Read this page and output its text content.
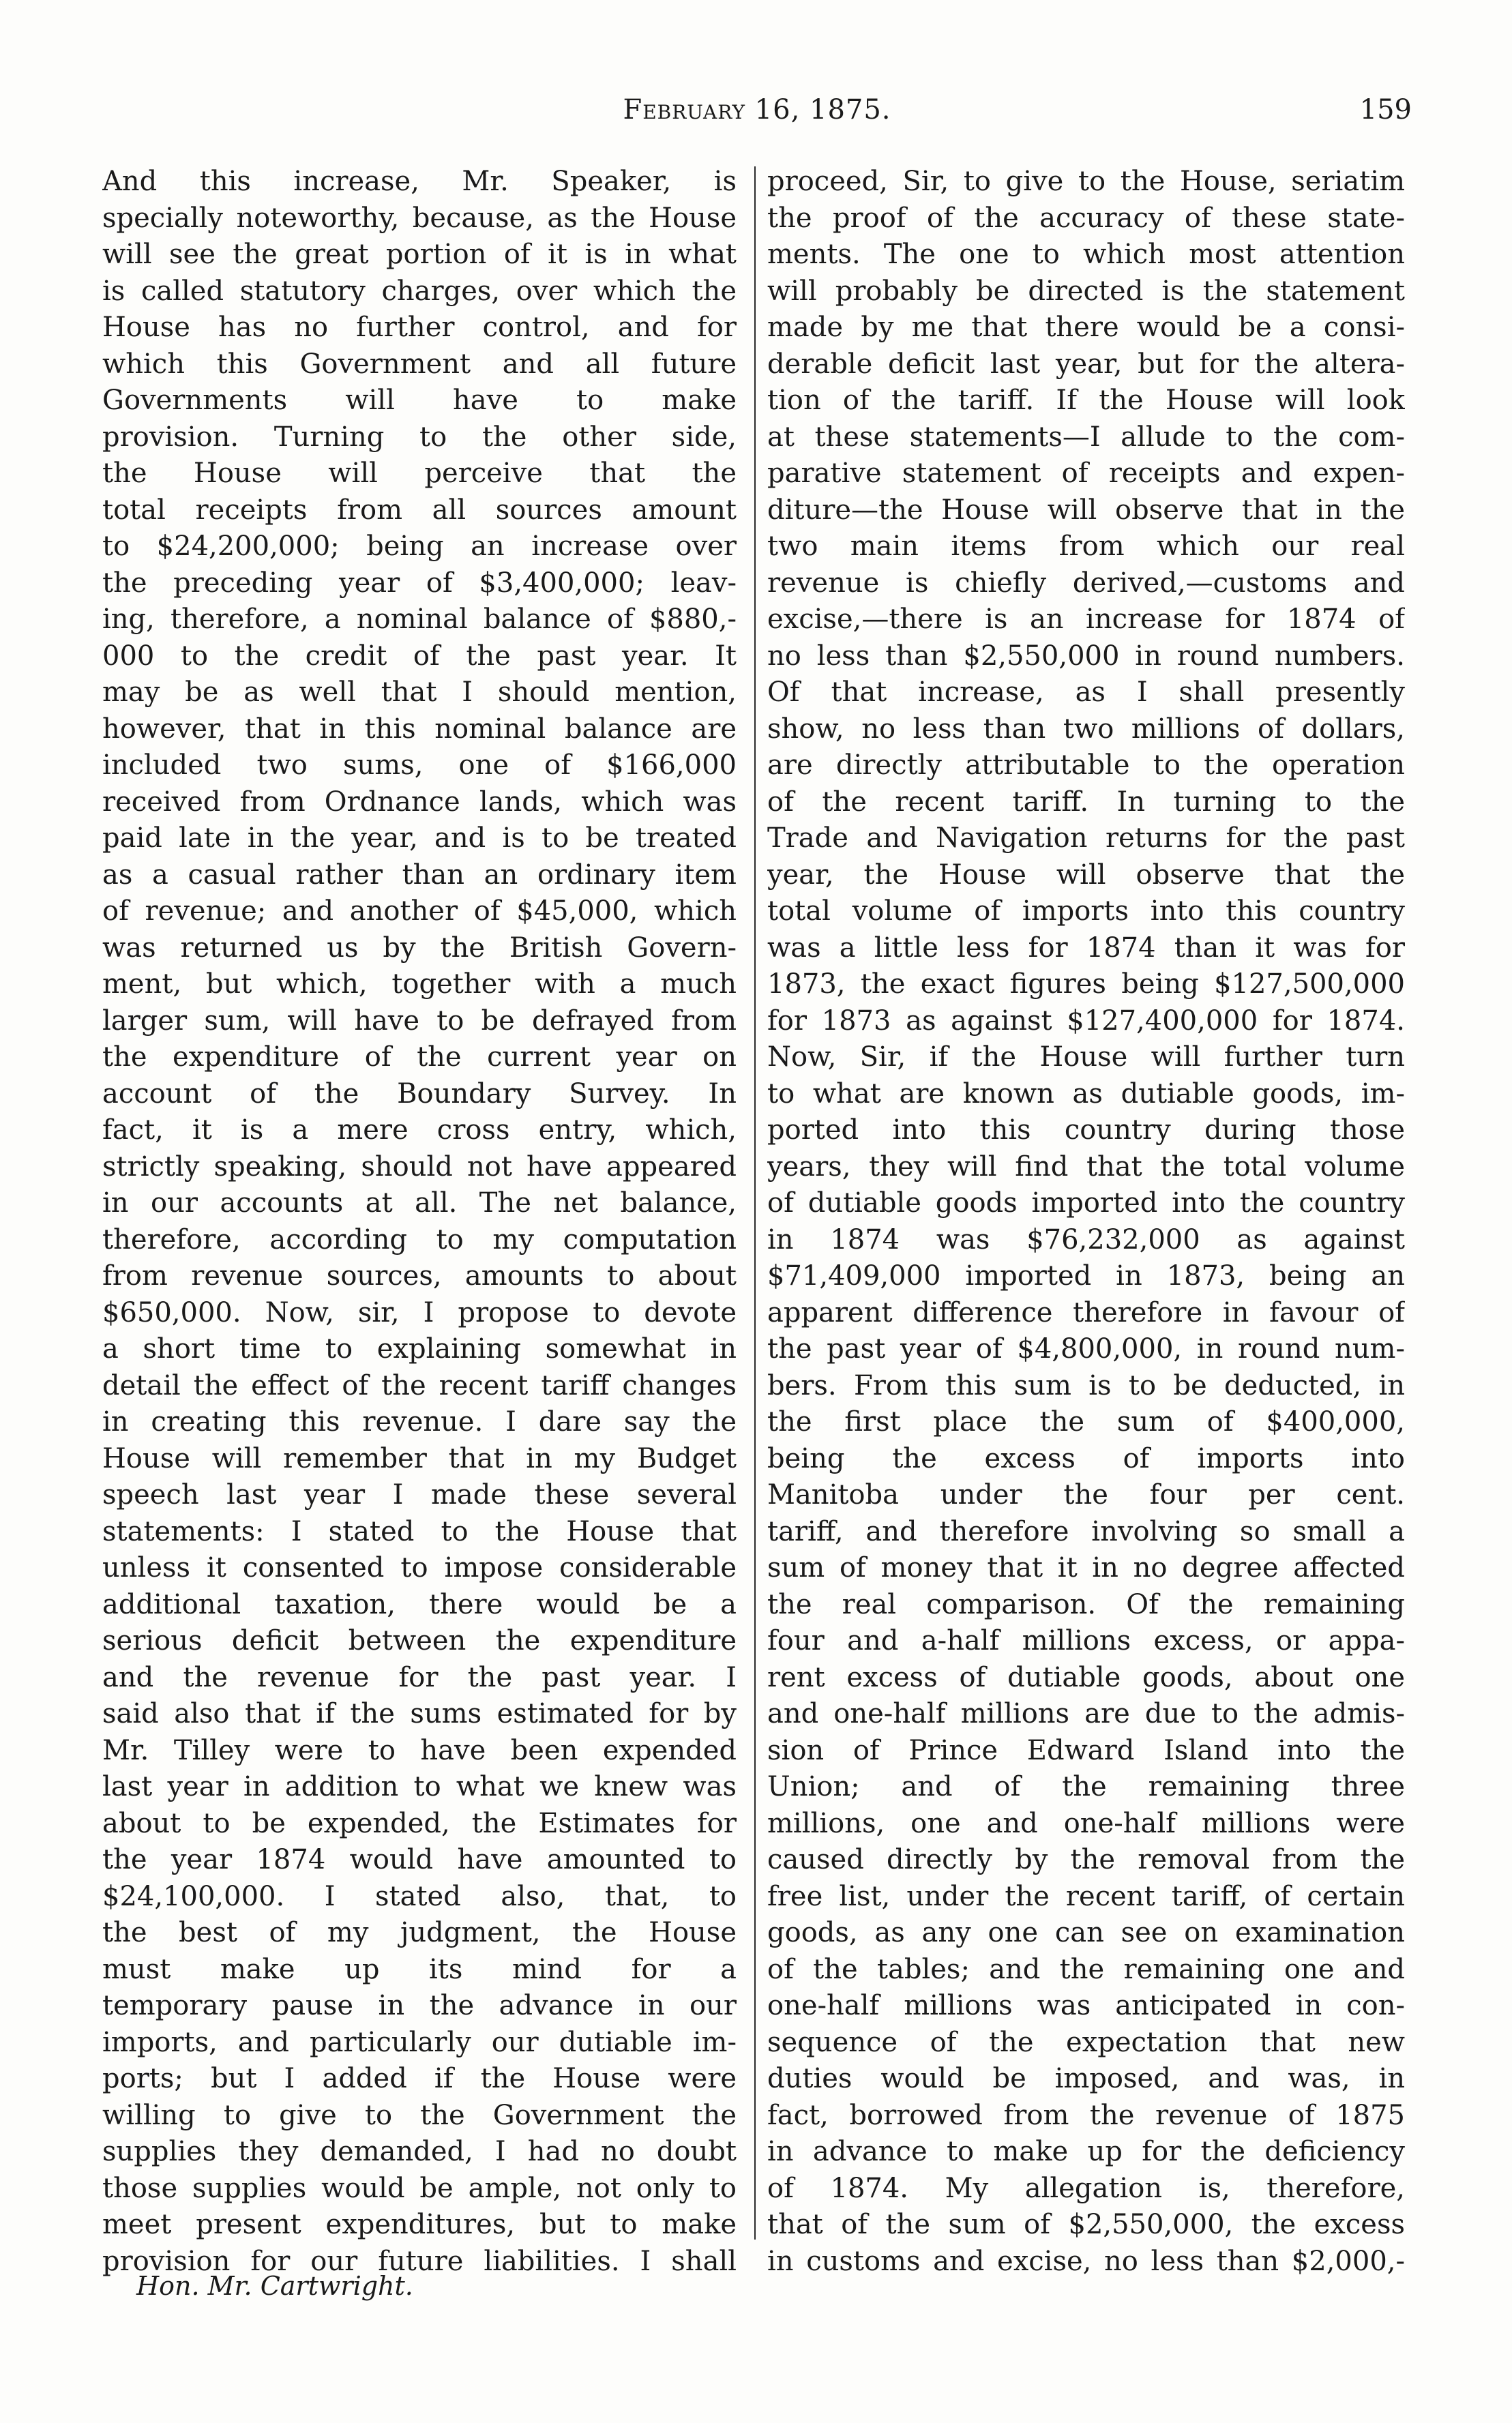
February 16, 1875.	159
And this increase, Mr. Speaker, is
specially noteworthy, because, as the House
will see the great portion of it is in what
is called statutory charges, over which the
House has no further control, and for
which this Government and all future
Governments will have to make
provision. Turning to the other side,
the House will perceive that the
total receipts from all sources amount
to $24,200,000; being an increase over
the preceding year of $3,400,000; leav-
ing, therefore, a nominal balance of $880,-
000 to the credit of the past year. It
may be as well that I should mention,
however, that in this nominal balance are
included two sums, one of $166,000
received from Ordnance lands, which was
paid late in the year, and is to be treated
as a casual rather than an ordinary item
of revenue; and another of $45,000, which
was returned us by the British Govern-
ment, but which, together with a much
larger sum, will have to be defrayed from
the expenditure of the current year on
account of the Boundary Survey. In
fact, it is a mere cross entry, which,
strictly speaking, should not have appeared
in our accounts at all. The net balance,
therefore, according to my computation
from revenue sources, amounts to about
$650,000. Now, sir, I propose to devote
a short time to explaining somewhat in
detail the effect of the recent tariff changes
in creating this revenue. I dare say the
House will remember that in my Budget
speech last year I made these several
statements: I stated to the House that
unless it consented to impose considerable
additional taxation, there would be a
serious deficit between the expenditure
and the revenue for the past year. I
said also that if the sums estimated for by
Mr. Tilley were to have been expended
last year in addition to what we knew was
about to be expended, the Estimates for
the year 1874 would have amounted to
$24,100,000. I stated also, that, to
the best of my judgment, the House
must make up its mind for a
temporary pause in the advance in our
imports, and particularly our dutiable im-
ports; but I added if the House were
willing to give to the Government the
supplies they demanded, I had no doubt
those supplies would be ample, not only to
meet present expenditures, but to make
provision for our future liabilities. I shall
proceed, Sir, to give to the House, seriatim
the proof of the accuracy of these state-
ments. The one to which most attention
will probably be directed is the statement
made by me that there would be a consi-
derable deficit last year, but for the altera-
tion of the tariff. If the House will look
at these statements—I allude to the com-
parative statement of receipts and expen-
diture—the House will observe that in the
two main items from which our real
revenue is chiefly derived,—customs and
excise,—there is an increase for 1874 of
no less than $2,550,000 in round numbers.
Of that increase, as I shall presently
show, no less than two millions of dollars,
are directly attributable to the operation
of the recent tariff. In turning to the
Trade and Navigation returns for the past
year, the House will observe that the
total volume of imports into this country
was a little less for 1874 than it was for
1873, the exact figures being $127,500,000
for 1873 as against $127,400,000 for 1874.
Now, Sir, if the House will further turn
to what are known as dutiable goods, im-
ported into this country during those
years, they will find that the total volume
of dutiable goods imported into the country
in 1874 was $76,232,000 as against
$71,409,000 imported in 1873, being an
apparent difference therefore in favour of
the past year of $4,800,000, in round num-
bers. From this sum is to be deducted, in
the first place the sum of $400,000,
being the excess of imports into
Manitoba under the four per cent.
tariff, and therefore involving so small a
sum of money that it in no degree affected
the real comparison. Of the remaining
four and a-half millions excess, or appa-
rent excess of dutiable goods, about one
and one-half millions are due to the admis-
sion of Prince Edward Island into the
Union; and of the remaining three
millions, one and one-half millions were
caused directly by the removal from the
free list, under the recent tariff, of certain
goods, as any one can see on examination
of the tables; and the remaining one and
one-half millions was anticipated in con-
sequence of the expectation that new
duties would be imposed, and was, in
fact, borrowed from the revenue of 1875
in advance to make up for the deficiency
of 1874. My allegation is, therefore,
that of the sum of $2,550,000, the excess
in customs and excise, no less than $2,000,-
Hon. Mr. Cartwright.
